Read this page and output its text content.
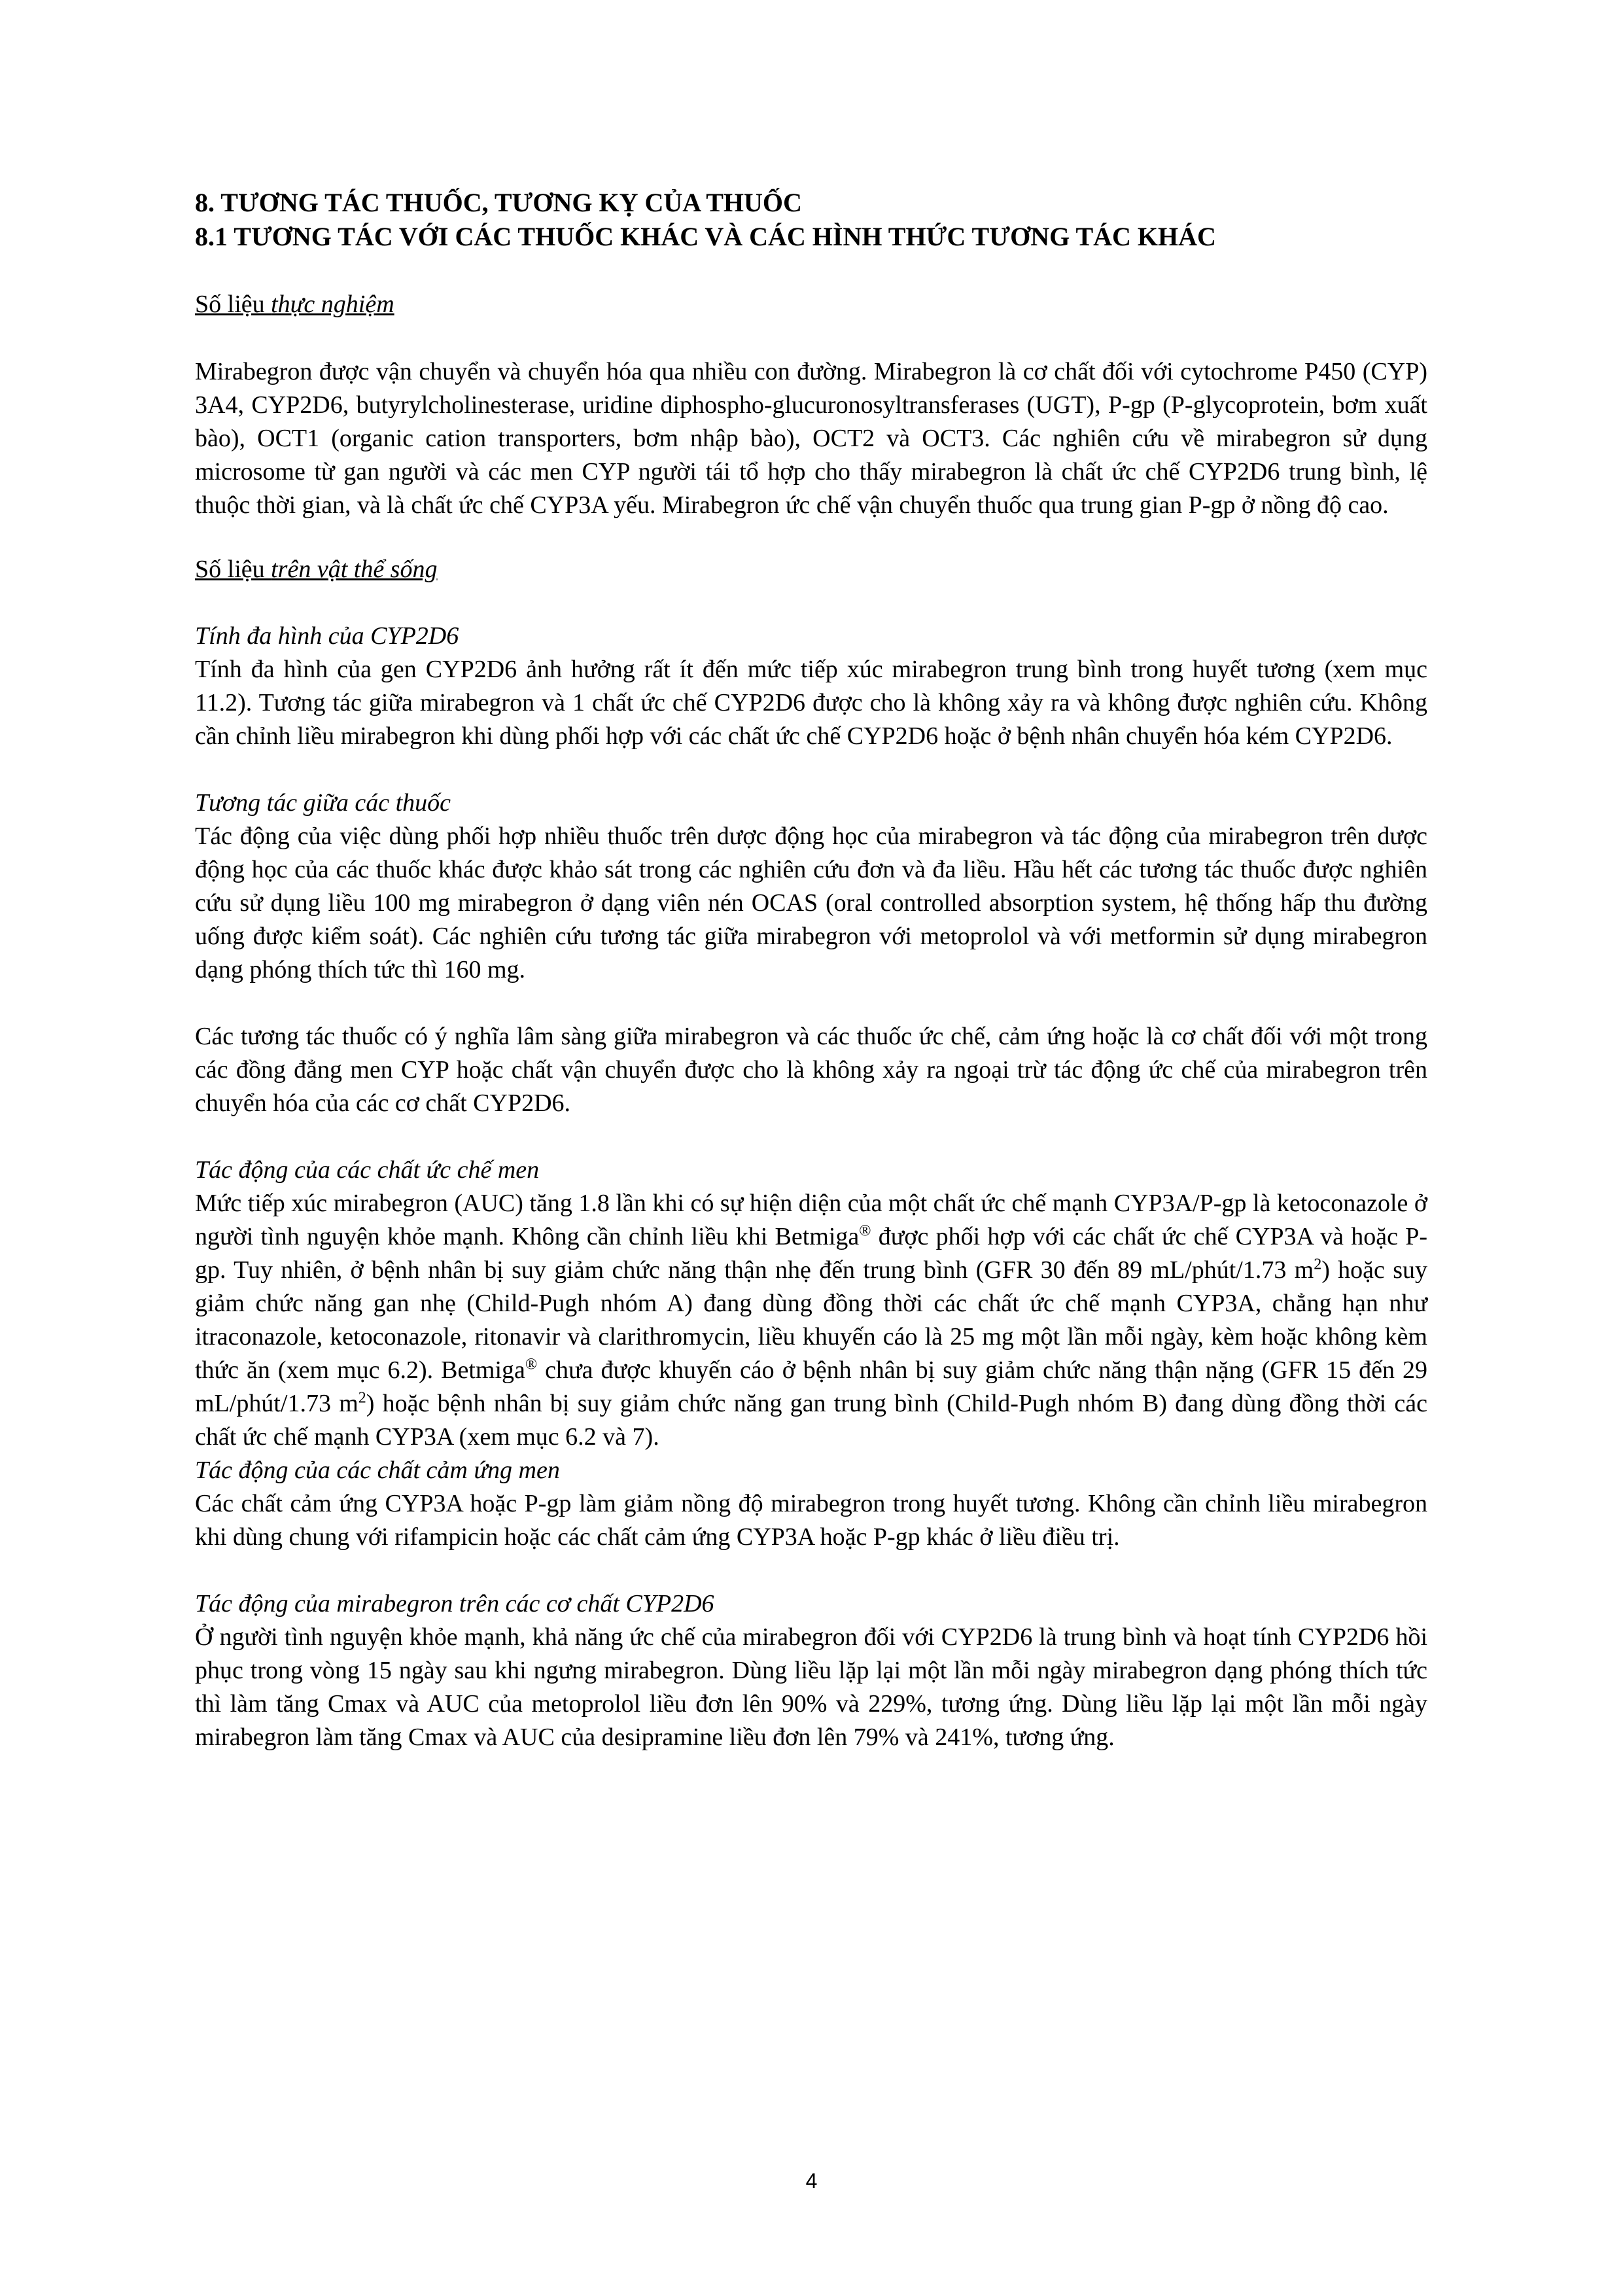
8. TƯƠNG TÁC THUỐC, TƯƠNG KỴ CỦA THUỐC

8.1 TƯƠNG TÁC VỚI CÁC THUỐC KHÁC VÀ CÁC HÌNH THỨC TƯƠNG TÁC KHÁC

Số liệu thực nghiệm

Mirabegron được vận chuyển và chuyển hóa qua nhiều con đường. Mirabegron là cơ chất đối với cytochrome P450 (CYP) 3A4, CYP2D6, butyrylcholinesterase, uridine diphospho-glucuronosyltransferases (UGT), P-gp (P-glycoprotein, bơm xuất bào), OCT1 (organic cation transporters, bơm nhập bào), OCT2 và OCT3. Các nghiên cứu về mirabegron sử dụng microsome từ gan người và các men CYP người tái tổ hợp cho thấy mirabegron là chất ức chế CYP2D6 trung bình, lệ thuộc thời gian, và là chất ức chế CYP3A yếu. Mirabegron ức chế vận chuyển thuốc qua trung gian P-gp ở nồng độ cao.

Số liệu trên vật thể sống

Tính đa hình của CYP2D6

Tính đa hình của gen CYP2D6 ảnh hưởng rất ít đến mức tiếp xúc mirabegron trung bình trong huyết tương (xem mục 11.2). Tương tác giữa mirabegron và 1 chất ức chế CYP2D6 được cho là không xảy ra và không được nghiên cứu. Không cần chỉnh liều mirabegron khi dùng phối hợp với các chất ức chế CYP2D6 hoặc ở bệnh nhân chuyển hóa kém CYP2D6.

Tương tác giữa các thuốc

Tác động của việc dùng phối hợp nhiều thuốc trên dược động học của mirabegron và tác động của mirabegron trên dược động học của các thuốc khác được khảo sát trong các nghiên cứu đơn và đa liều. Hầu hết các tương tác thuốc được nghiên cứu sử dụng liều 100 mg mirabegron ở dạng viên nén OCAS (oral controlled absorption system, hệ thống hấp thu đường uống được kiểm soát). Các nghiên cứu tương tác giữa mirabegron với metoprolol và với metformin sử dụng mirabegron dạng phóng thích tức thì 160 mg.

Các tương tác thuốc có ý nghĩa lâm sàng giữa mirabegron và các thuốc ức chế, cảm ứng hoặc là cơ chất đối với một trong các đồng đẳng men CYP hoặc chất vận chuyển được cho là không xảy ra ngoại trừ tác động ức chế của mirabegron trên chuyển hóa của các cơ chất CYP2D6.

Tác động của các chất ức chế men

Mức tiếp xúc mirabegron (AUC) tăng 1.8 lần khi có sự hiện diện của một chất ức chế mạnh CYP3A/P-gp là ketoconazole ở người tình nguyện khỏe mạnh. Không cần chỉnh liều khi Betmiga® được phối hợp với các chất ức chế CYP3A và hoặc P-gp. Tuy nhiên, ở bệnh nhân bị suy giảm chức năng thận nhẹ đến trung bình (GFR 30 đến 89 mL/phút/1.73 $m^2$) hoặc suy giảm chức năng gan nhẹ (Child-Pugh nhóm A) đang dùng đồng thời các chất ức chế mạnh CYP3A, chẳng hạn như itraconazole, ketoconazole, ritonavir và clarithromycin, liều khuyến cáo là 25 mg một lần mỗi ngày, kèm hoặc không kèm thức ăn (xem mục 6.2). Betmiga® chưa được khuyến cáo ở bệnh nhân bị suy giảm chức năng thận nặng (GFR 15 đến 29 mL/phút/1.73 $m^2$) hoặc bệnh nhân bị suy giảm chức năng gan trung bình (Child-Pugh nhóm B) đang dùng đồng thời các chất ức chế mạnh CYP3A (xem mục 6.2 và 7).

Tác động của các chất cảm ứng men

Các chất cảm ứng CYP3A hoặc P-gp làm giảm nồng độ mirabegron trong huyết tương. Không cần chỉnh liều mirabegron khi dùng chung với rifampicin hoặc các chất cảm ứng CYP3A hoặc P-gp khác ở liều điều trị.

Tác động của mirabegron trên các cơ chất CYP2D6

Ở người tình nguyện khỏe mạnh, khả năng ức chế của mirabegron đối với CYP2D6 là trung bình và hoạt tính CYP2D6 hồi phục trong vòng 15 ngày sau khi ngưng mirabegron. Dùng liều lặp lại một lần mỗi ngày mirabegron dạng phóng thích tức thì làm tăng Cmax và AUC của metoprolol liều đơn lên 90% và 229%, tương ứng. Dùng liều lặp lại một lần mỗi ngày mirabegron làm tăng Cmax và AUC của desipramine liều đơn lên 79% và 241%, tương ứng.

4
